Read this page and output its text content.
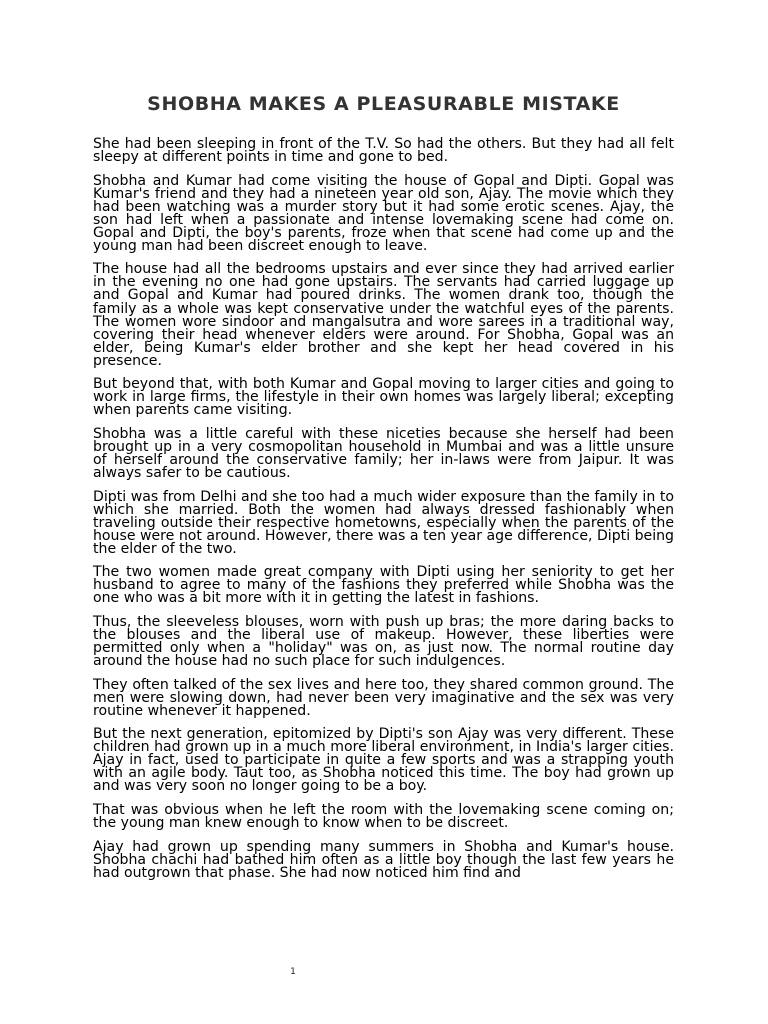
SHOBHA MAKES A PLEASURABLE MISTAKE

She had been sleeping in front of the T.V. So had the others. But they had all felt sleepy at different points in time and gone to bed.

Shobha and Kumar had come visiting the house of Gopal and Dipti. Gopal was Kumar's friend and they had a nineteen year old son, Ajay. The movie which they had been watching was a murder story but it had some erotic scenes. Ajay, the son had left when a passionate and intense lovemaking scene had come on. Gopal and Dipti, the boy's parents, froze when that scene had come up and the young man had been discreet enough to leave.

The house had all the bedrooms upstairs and ever since they had arrived earlier in the evening no one had gone upstairs. The servants had carried luggage up and Gopal and Kumar had poured drinks. The women drank too, though the family as a whole was kept conservative under the watchful eyes of the parents. The women wore sindoor and mangalsutra and wore sarees in a traditional way, covering their head whenever elders were around. For Shobha, Gopal was an elder, being Kumar's elder brother and she kept her head covered in his presence.

But beyond that, with both Kumar and Gopal moving to larger cities and going to work in large firms, the lifestyle in their own homes was largely liberal; excepting when parents came visiting.

Shobha was a little careful with these niceties because she herself had been brought up in a very cosmopolitan household in Mumbai and was a little unsure of herself around the conservative family; her in-laws were from Jaipur. It was always safer to be cautious.

Dipti was from Delhi and she too had a much wider exposure than the family in to which she married. Both the women had always dressed fashionably when traveling outside their respective hometowns, especially when the parents of the house were not around. However, there was a ten year age difference, Dipti being the elder of the two.

The two women made great company with Dipti using her seniority to get her husband to agree to many of the fashions they preferred while Shobha was the one who was a bit more with it in getting the latest in fashions.

Thus, the sleeveless blouses, worn with push up bras; the more daring backs to the blouses and the liberal use of makeup. However, these liberties were permitted only when a "holiday" was on, as just now. The normal routine day around the house had no such place for such indulgences.

They often talked of the sex lives and here too, they shared common ground. The men were slowing down, had never been very imaginative and the sex was very routine whenever it happened.

But the next generation, epitomized by Dipti's son Ajay was very different. These children had grown up in a much more liberal environment, in India's larger cities. Ajay in fact, used to participate in quite a few sports and was a strapping youth with an agile body. Taut too, as Shobha noticed this time. The boy had grown up and was very soon no longer going to be a boy.

That was obvious when he left the room with the lovemaking scene coming on; the young man knew enough to know when to be discreet.

Ajay had grown up spending many summers in Shobha and Kumar's house. Shobha chachi had bathed him often as a little boy though the last few years he had outgrown that phase. She had now noticed him find and

1
